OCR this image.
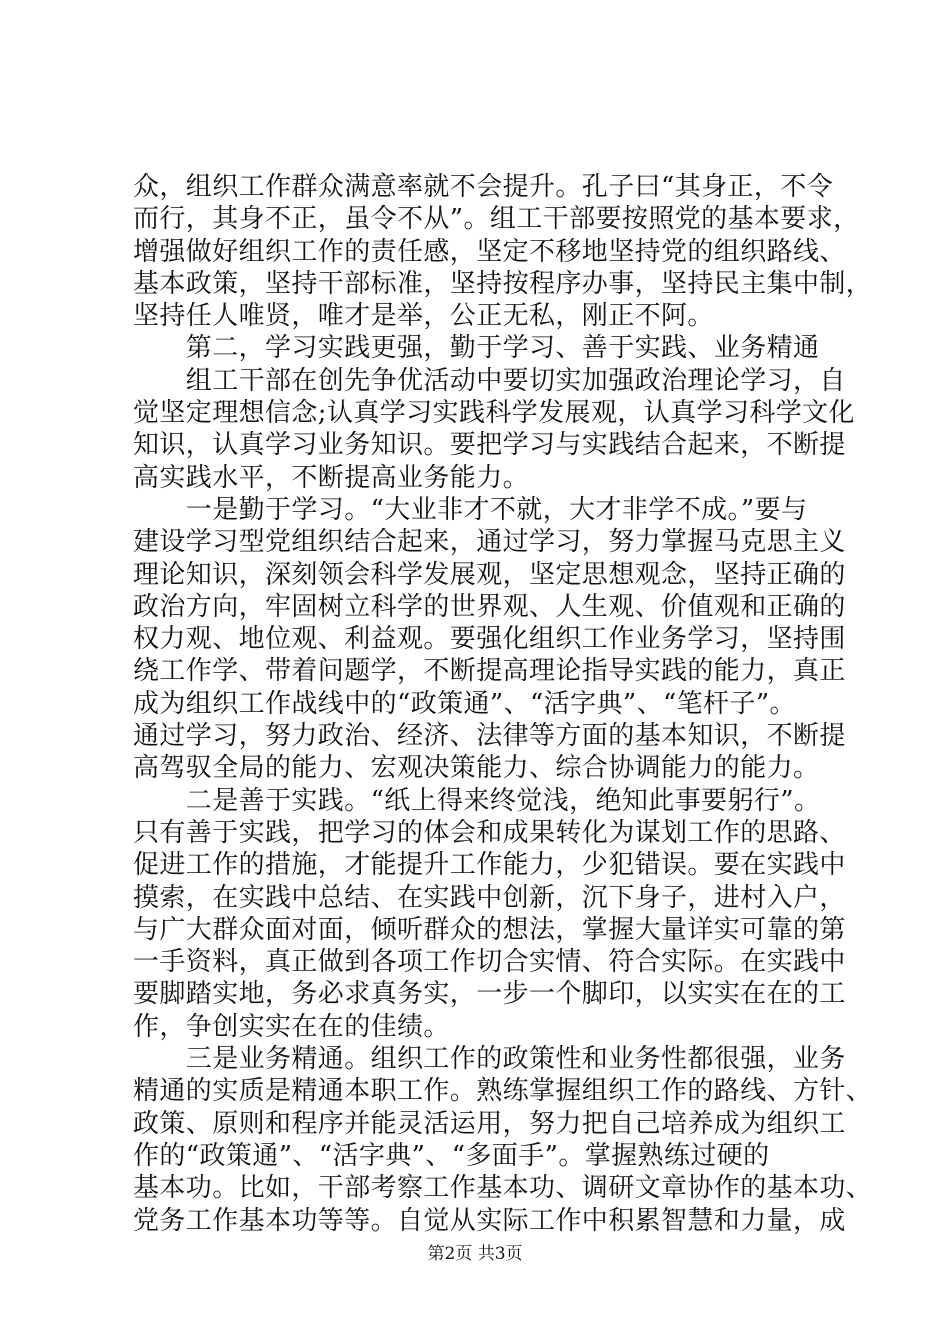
众，组织工作群众满意率就不会提升。孔子曰“其身正，不令
而行，其身不正，虽令不从”。组工干部要按照党的基本要求，
增强做好组织工作的责任感，坚定不移地坚持党的组织路线、
基本政策，坚持干部标准，坚持按程序办事，坚持民主集中制，
坚持任人唯贤，唯才是举，公正无私，刚正不阿。
　　第二，学习实践更强，勤于学习、善于实践、业务精通
　　组工干部在创先争优活动中要切实加强政治理论学习，自
觉坚定理想信念;认真学习实践科学发展观，认真学习科学文化
知识，认真学习业务知识。要把学习与实践结合起来，不断提
高实践水平，不断提高业务能力。
　　一是勤于学习。“大业非才不就，大才非学不成。”要与
建设学习型党组织结合起来，通过学习，努力掌握马克思主义
理论知识，深刻领会科学发展观，坚定思想观念，坚持正确的
政治方向，牢固树立科学的世界观、人生观、价值观和正确的
权力观、地位观、利益观。要强化组织工作业务学习，坚持围
绕工作学、带着问题学，不断提高理论指导实践的能力，真正
成为组织工作战线中的“政策通”、“活字典”、“笔杆子”。
通过学习，努力政治、经济、法律等方面的基本知识，不断提
高驾驭全局的能力、宏观决策能力、综合协调能力的能力。
　　二是善于实践。“纸上得来终觉浅，绝知此事要躬行”。
只有善于实践，把学习的体会和成果转化为谋划工作的思路、
促进工作的措施，才能提升工作能力，少犯错误。要在实践中
摸索，在实践中总结、在实践中创新，沉下身子，进村入户，
与广大群众面对面，倾听群众的想法，掌握大量详实可靠的第
一手资料，真正做到各项工作切合实情、符合实际。在实践中
要脚踏实地，务必求真务实，一步一个脚印，以实实在在的工
作，争创实实在在的佳绩。
　　三是业务精通。组织工作的政策性和业务性都很强，业务
精通的实质是精通本职工作。熟练掌握组织工作的路线、方针、
政策、原则和程序并能灵活运用，努力把自己培养成为组织工
作的“政策通”、“活字典”、“多面手”。掌握熟练过硬的
基本功。比如，干部考察工作基本功、调研文章协作的基本功、
党务工作基本功等等。自觉从实际工作中积累智慧和力量，成
第2页 共3页
